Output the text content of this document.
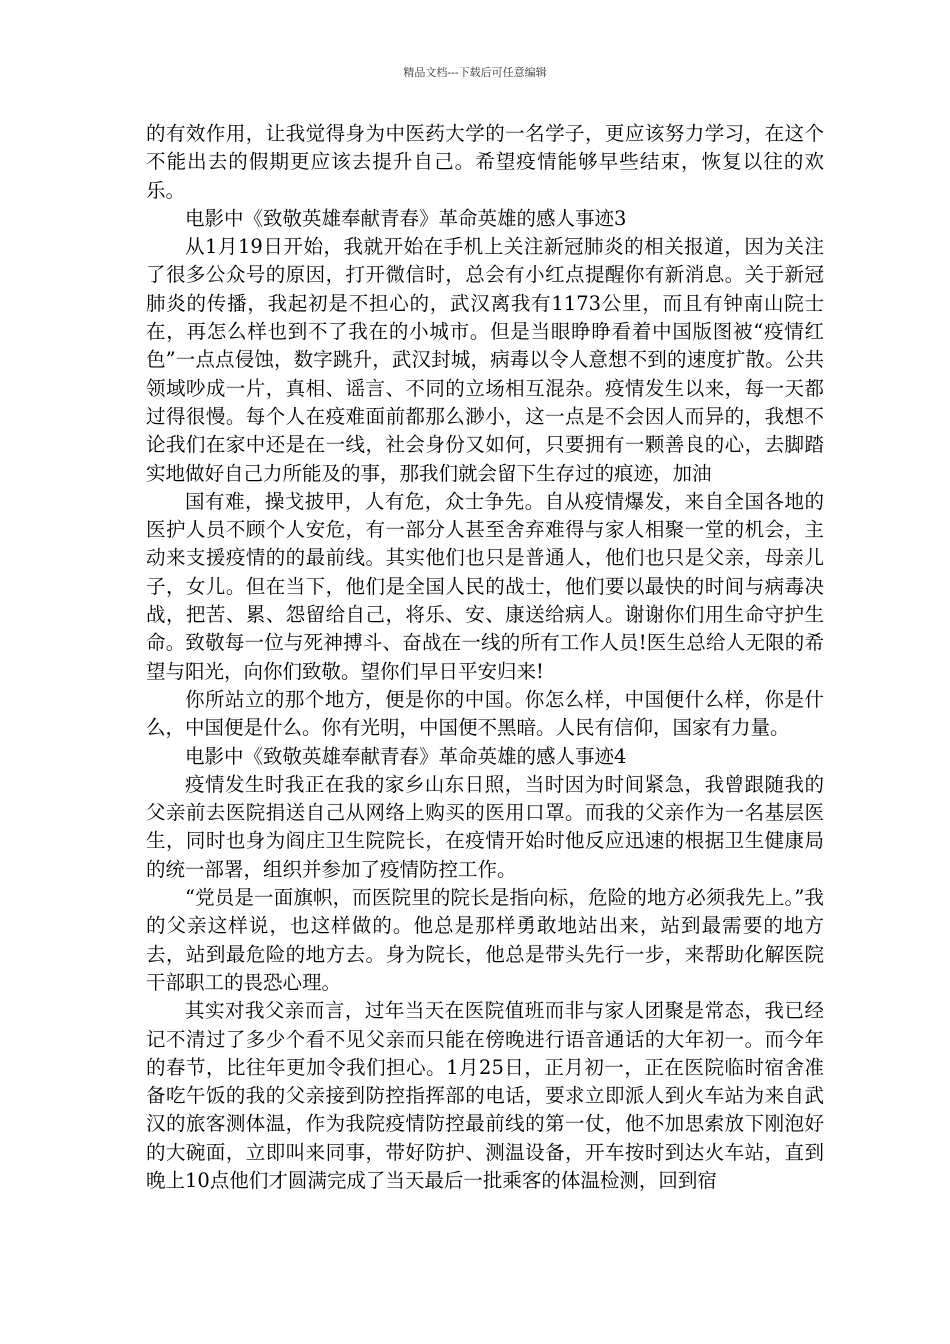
精品文档---下载后可任意编辑

的有效作用，让我觉得身为中医药大学的一名学子，更应该努力学习，在这个不能出去的假期更应该去提升自己。希望疫情能够早些结束，恢复以往的欢乐。

电影中《致敬英雄奉献青春》革命英雄的感人事迹3

从1月19日开始，我就开始在手机上关注新冠肺炎的相关报道，因为关注了很多公众号的原因，打开微信时，总会有小红点提醒你有新消息。关于新冠肺炎的传播，我起初是不担心的，武汉离我有1173公里，而且有钟南山院士在，再怎么样也到不了我在的小城市。但是当眼睁睁看着中国版图被“疫情红色”一点点侵蚀，数字跳升，武汉封城，病毒以令人意想不到的速度扩散。公共领域吵成一片，真相、谣言、不同的立场相互混杂。疫情发生以来，每一天都过得很慢。每个人在疫难面前都那么渺小，这一点是不会因人而异的，我想不论我们在家中还是在一线，社会身份又如何，只要拥有一颗善良的心，去脚踏实地做好自己力所能及的事，那我们就会留下生存过的痕迹，加油

国有难，操戈披甲，人有危，众士争先。自从疫情爆发，来自全国各地的医护人员不顾个人安危，有一部分人甚至舍弃难得与家人相聚一堂的机会，主动来支援疫情的的最前线。其实他们也只是普通人，他们也只是父亲，母亲儿子，女儿。但在当下，他们是全国人民的战士，他们要以最快的时间与病毒决战，把苦、累、怨留给自己，将乐、安、康送给病人。谢谢你们用生命守护生命。致敬每一位与死神搏斗、奋战在一线的所有工作人员!医生总给人无限的希望与阳光，向你们致敬。望你们早日平安归来!

你所站立的那个地方，便是你的中国。你怎么样，中国便什么样，你是什么，中国便是什么。你有光明，中国便不黑暗。人民有信仰，国家有力量。

电影中《致敬英雄奉献青春》革命英雄的感人事迹4

疫情发生时我正在我的家乡山东日照，当时因为时间紧急，我曾跟随我的父亲前去医院捐送自己从网络上购买的医用口罩。而我的父亲作为一名基层医生，同时也身为阎庄卫生院院长，在疫情开始时他反应迅速的根据卫生健康局的统一部署，组织并参加了疫情防控工作。

“党员是一面旗帜，而医院里的院长是指向标，危险的地方必须我先上。”我的父亲这样说，也这样做的。他总是那样勇敢地站出来，站到最需要的地方去，站到最危险的地方去。身为院长，他总是带头先行一步，来帮助化解医院干部职工的畏恐心理。

其实对我父亲而言，过年当天在医院值班而非与家人团聚是常态，我已经记不清过了多少个看不见父亲而只能在傍晚进行语音通话的大年初一。而今年的春节，比往年更加令我们担心。1月25日，正月初一，正在医院临时宿舍准备吃午饭的我的父亲接到防控指挥部的电话，要求立即派人到火车站为来自武汉的旅客测体温，作为我院疫情防控最前线的第一仗，他不加思索放下刚泡好的大碗面，立即叫来同事，带好防护、测温设备，开车按时到达火车站，直到晚上10点他们才圆满完成了当天最后一批乘客的体温检测，回到宿
